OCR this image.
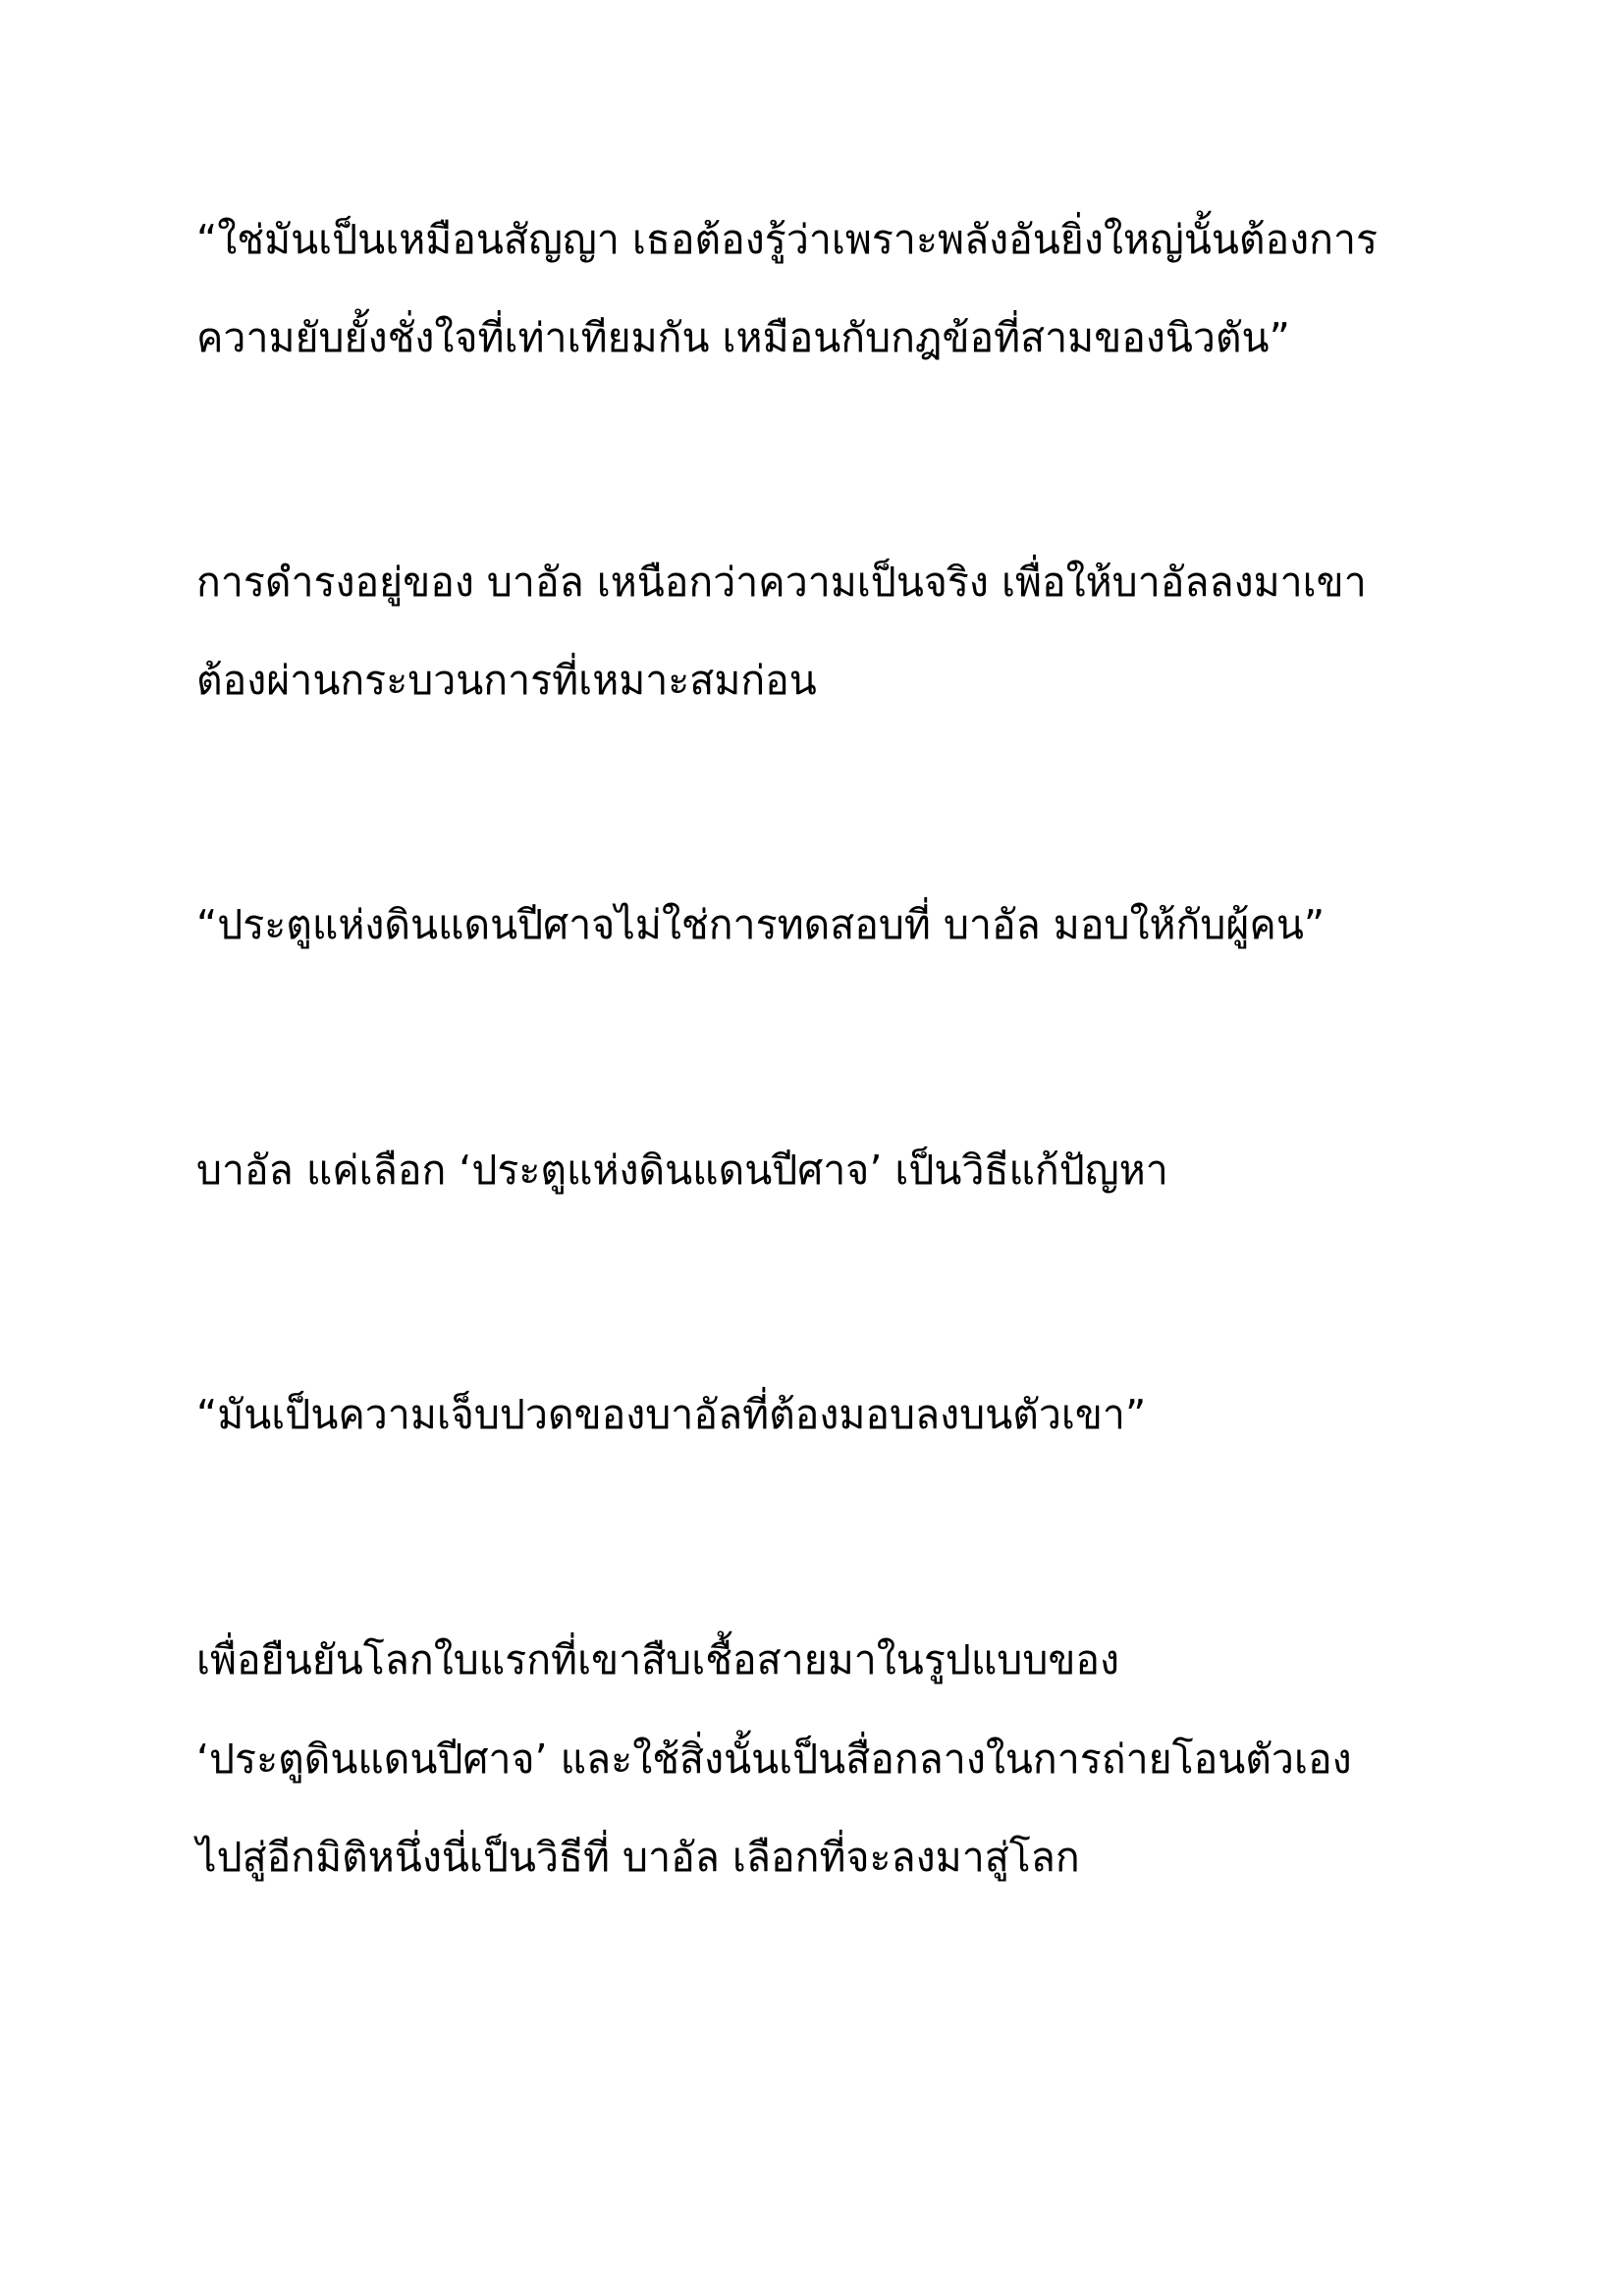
“ใช่มันเป็นเหมือนสัญญา เธอต้องรู้ว่าเพราะพลังอันยิ่งใหญ่นั้นต้องการ
ความยับยั้งชั่งใจที่เท่าเทียมกัน เหมือนกับกฎข้อที่สามของนิวตัน”
การดำรงอยู่ของ บาอัล เหนือกว่าความเป็นจริง เพื่อให้บาอัลลงมาเขา
ต้องผ่านกระบวนการที่เหมาะสมก่อน
“ประตูแห่งดินแดนปีศาจไม่ใช่การทดสอบที่ บาอัล มอบให้กับผู้คน”
บาอัล แค่เลือก ‘ประตูแห่งดินแดนปีศาจ’ เป็นวิธีแก้ปัญหา
“มันเป็นความเจ็บปวดของบาอัลที่ต้องมอบลงบนตัวเขา”
เพื่อยืนยันโลกใบแรกที่เขาสืบเชื้อสายมาในรูปแบบของ
‘ประตูดินแดนปีศาจ’ และใช้สิ่งนั้นเป็นสื่อกลางในการถ่ายโอนตัวเอง
ไปสู่อีกมิติหนึ่งนี่เป็นวิธีที่ บาอัล เลือกที่จะลงมาสู่โลก
